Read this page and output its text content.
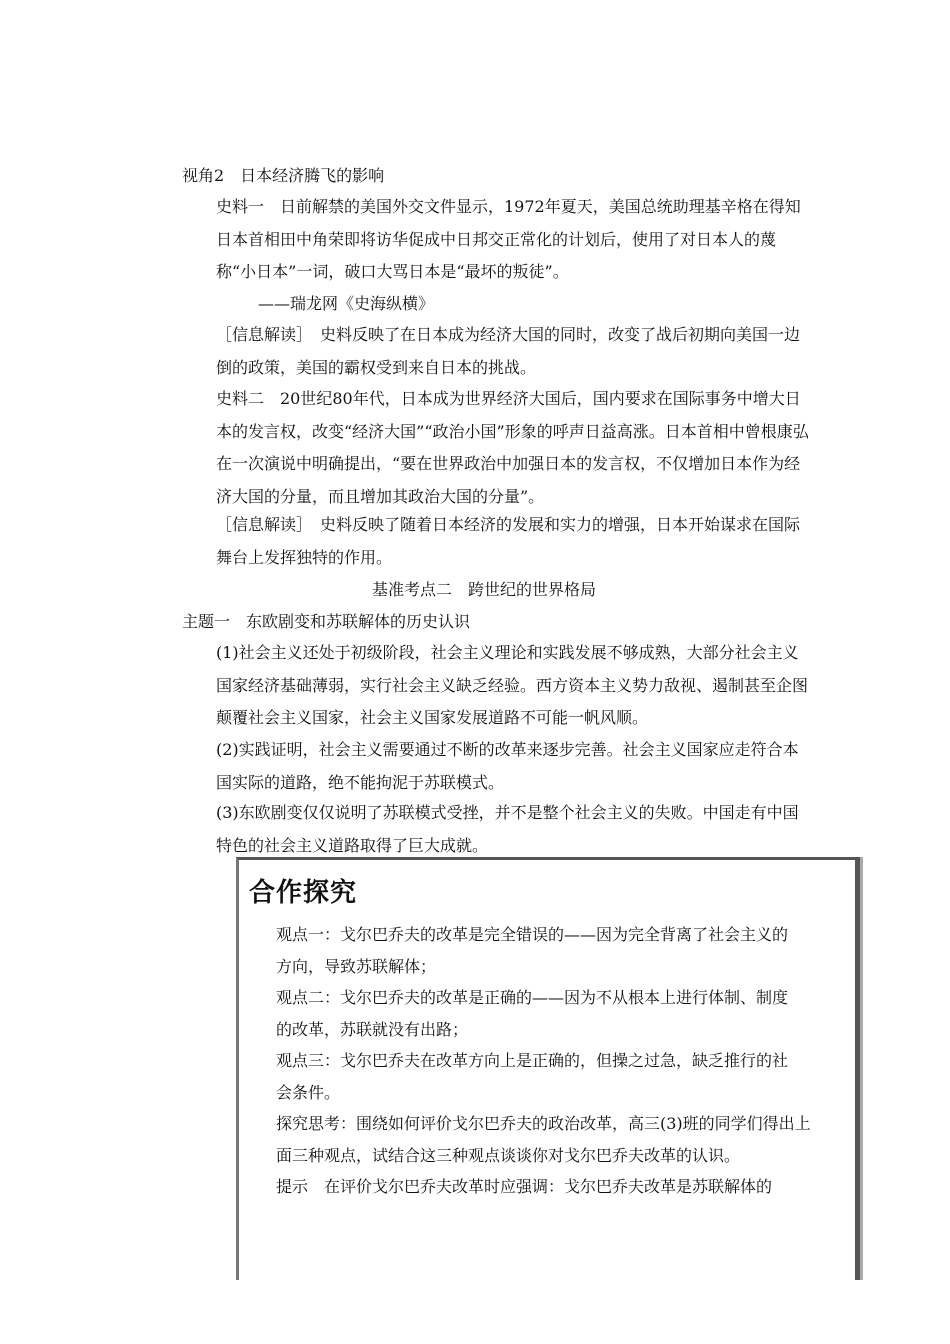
视角2　日本经济腾飞的影响
史料一　日前解禁的美国外交文件显示，1972年夏天，美国总统助理基辛格在得知日本首相田中角荣即将访华促成中日邦交正常化的计划后，使用了对日本人的蔑称“小日本”一词，破口大骂日本是“最坏的叛徒”。
——瑞龙网《史海纵横》
［信息解读］　史料反映了在日本成为经济大国的同时，改变了战后初期向美国一边倒的政策，美国的霸权受到来自日本的挑战。
史料二　20世纪80年代，日本成为世界经济大国后，国内要求在国际事务中增大日本的发言权，改变“经济大国”“政治小国”形象的呼声日益高涨。日本首相中曾根康弘在一次演说中明确提出，“要在世界政治中加强日本的发言权，不仅增加日本作为经济大国的分量，而且增加其政治大国的分量”。
［信息解读］　史料反映了随着日本经济的发展和实力的增强，日本开始谋求在国际舞台上发挥独特的作用。
基准考点二　跨世纪的世界格局
主题一　东欧剧变和苏联解体的历史认识
(1)社会主义还处于初级阶段，社会主义理论和实践发展不够成熟，大部分社会主义国家经济基础薄弱，实行社会主义缺乏经验。西方资本主义势力敌视、遏制甚至企图颠覆社会主义国家，社会主义国家发展道路不可能一帆风顺。
(2)实践证明，社会主义需要通过不断的改革来逐步完善。社会主义国家应走符合本国实际的道路，绝不能拘泥于苏联模式。
(3)东欧剧变仅仅说明了苏联模式受挫，并不是整个社会主义的失败。中国走有中国特色的社会主义道路取得了巨大成就。
合作探究
观点一：戈尔巴乔夫的改革是完全错误的——因为完全背离了社会主义的方向，导致苏联解体；
观点二：戈尔巴乔夫的改革是正确的——因为不从根本上进行体制、制度的改革，苏联就没有出路；
观点三：戈尔巴乔夫在改革方向上是正确的，但操之过急，缺乏推行的社会条件。
探究思考：围绕如何评价戈尔巴乔夫的政治改革，高三(3)班的同学们得出上面三种观点，试结合这三种观点谈谈你对戈尔巴乔夫改革的认识。
提示　在评价戈尔巴乔夫改革时应强调：戈尔巴乔夫改革是苏联解体的
